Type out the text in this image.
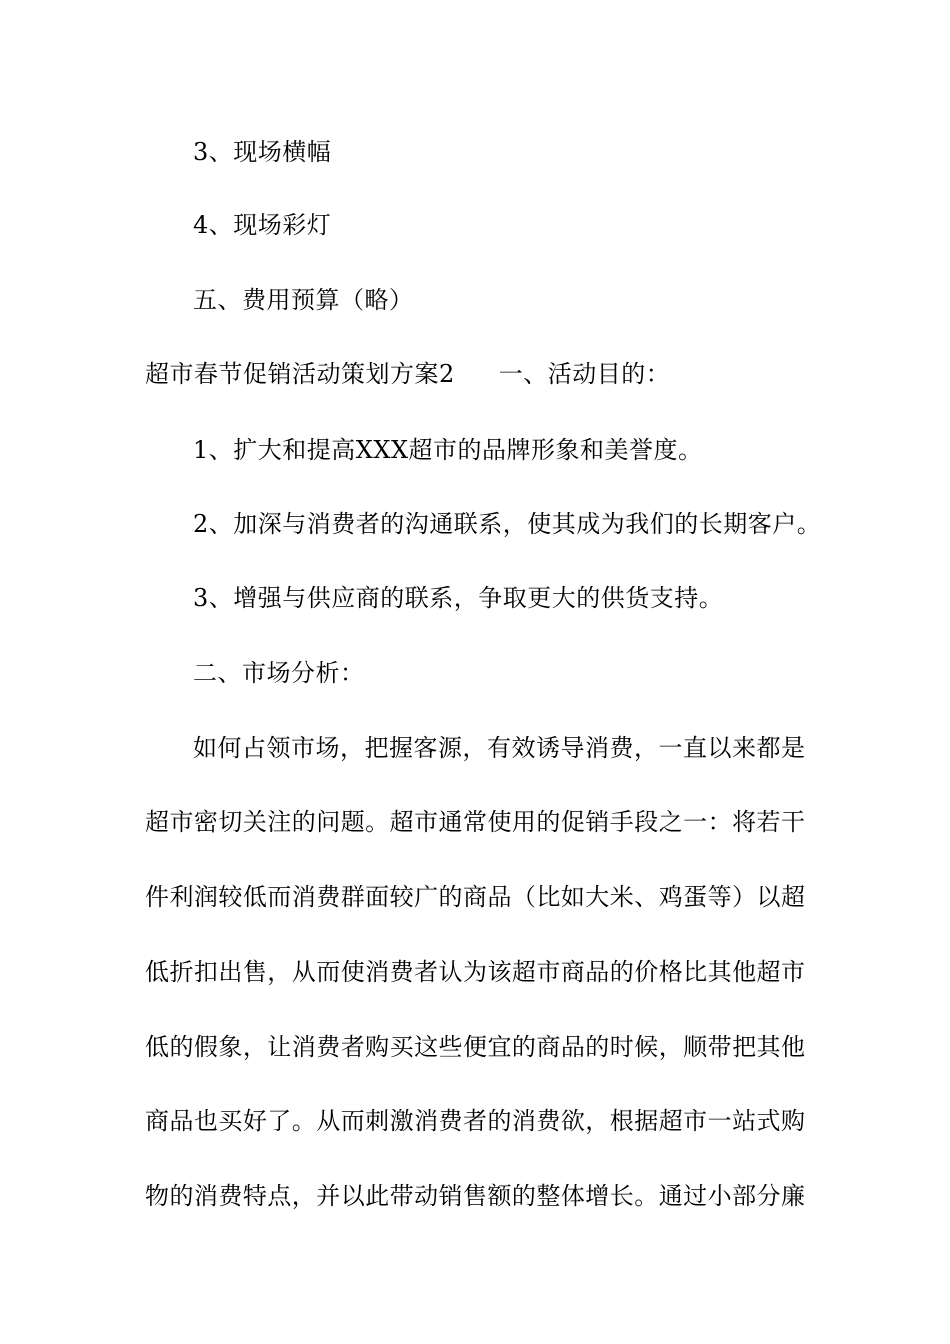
3、现场横幅
4、现场彩灯
五、费用预算（略）
超市春节促销活动策划方案2 一、活动目的：
1、扩大和提高XXX超市的品牌形象和美誉度。
2、加深与消费者的沟通联系，使其成为我们的长期客户。
3、增强与供应商的联系，争取更大的供货支持。
二、市场分析：
如何占领市场，把握客源，有效诱导消费，一直以来都是
超市密切关注的问题。超市通常使用的促销手段之一：将若干
件利润较低而消费群面较广的商品（比如大米、鸡蛋等）以超
低折扣出售，从而使消费者认为该超市商品的价格比其他超市
低的假象，让消费者购买这些便宜的商品的时候，顺带把其他
商品也买好了。从而刺激消费者的消费欲，根据超市一站式购
物的消费特点，并以此带动销售额的整体增长。通过小部分廉
